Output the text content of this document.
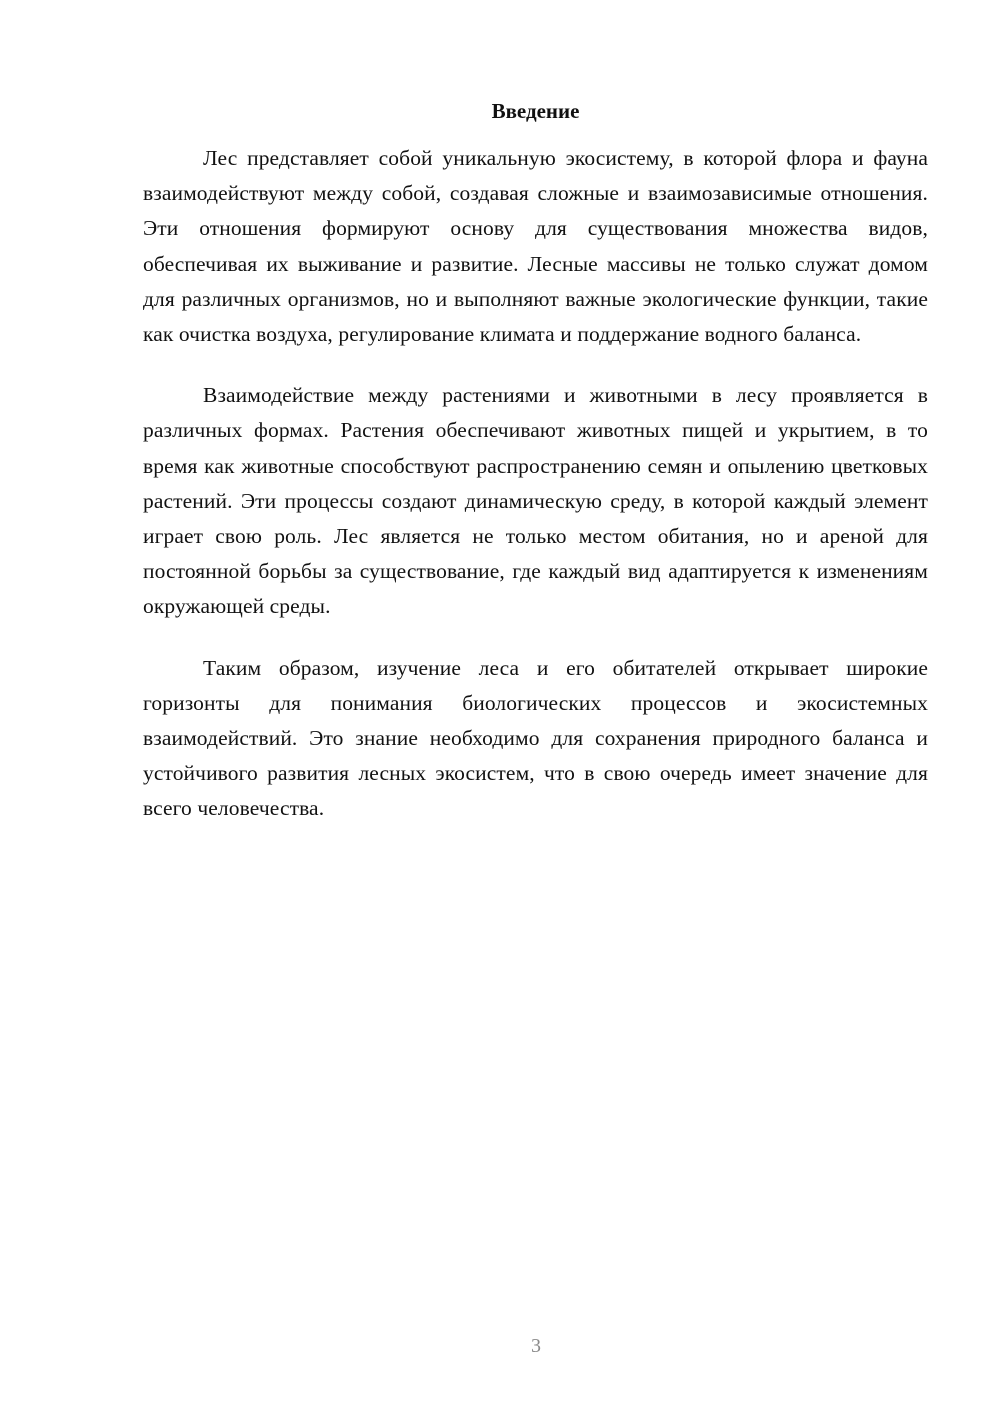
Введение

Лес представляет собой уникальную экосистему, в которой флора и фауна взаимодействуют между собой, создавая сложные и взаимозависимые отношения. Эти отношения формируют основу для существования множества видов, обеспечивая их выживание и развитие. Лесные массивы не только служат домом для различных организмов, но и выполняют важные экологические функции, такие как очистка воздуха, регулирование климата и поддержание водного баланса.

Взаимодействие между растениями и животными в лесу проявляется в различных формах. Растения обеспечивают животных пищей и укрытием, в то время как животные способствуют распространению семян и опылению цветковых растений. Эти процессы создают динамическую среду, в которой каждый элемент играет свою роль. Лес является не только местом обитания, но и ареной для постоянной борьбы за существование, где каждый вид адаптируется к изменениям окружающей среды.

Таким образом, изучение леса и его обитателей открывает широкие горизонты для понимания биологических процессов и экосистемных взаимодействий. Это знание необходимо для сохранения природного баланса и устойчивого развития лесных экосистем, что в свою очередь имеет значение для всего человечества.

3
